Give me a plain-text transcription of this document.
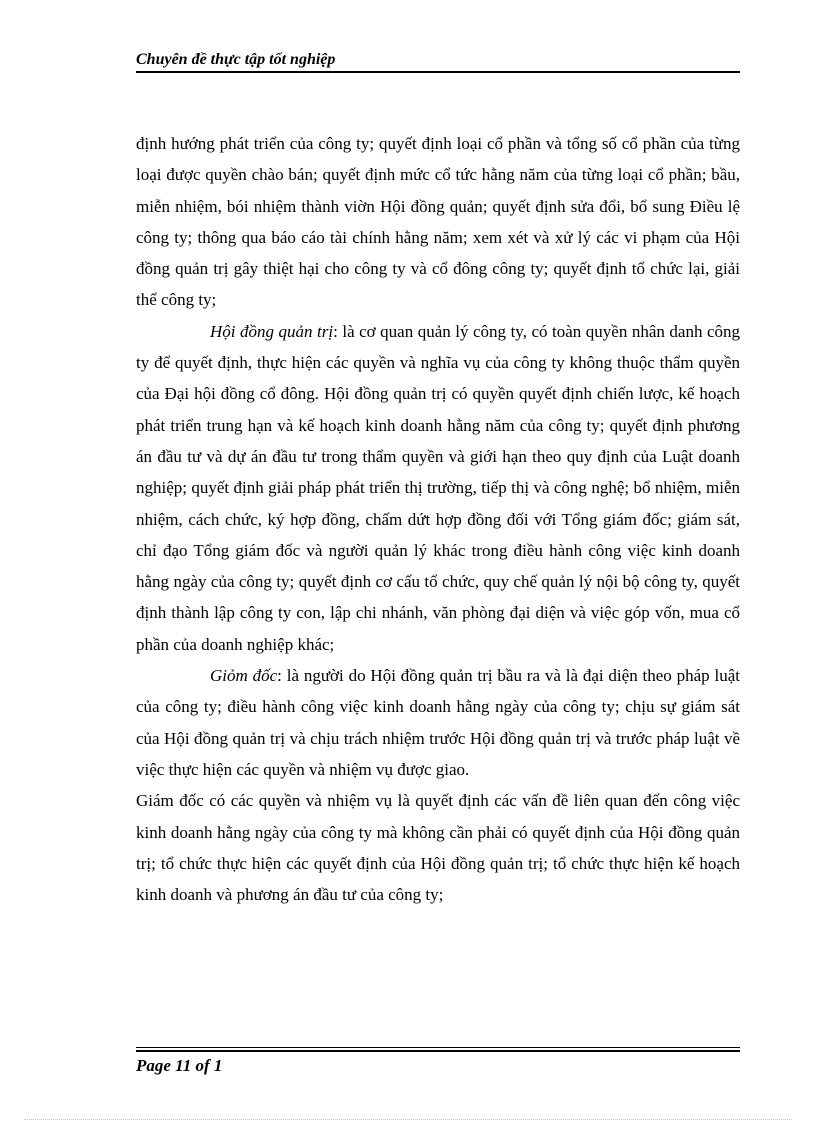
Chuyên đề thực tập tốt nghiệp

định hướng phát triển của công ty; quyết định loại cổ phần và tổng số cổ phần của từng loại được quyền chào bán; quyết định mức cổ tức hằng năm của từng loại cổ phần; bầu, miễn nhiệm, bói nhiệm thành viờn Hội đồng quản; quyết định sửa đổi, bổ sung Điều lệ công ty; thông qua báo cáo tài chính hằng năm; xem xét và xử lý các vi phạm của Hội đồng quản trị gây thiệt hại cho công ty và cổ đông công ty; quyết định tổ chức lại, giải thể công ty;

Hội đồng quản trị: là cơ quan quản lý công ty, có toàn quyền nhân danh công ty để quyết định, thực hiện các quyền và nghĩa vụ của công ty không thuộc thẩm quyền của Đại hội đồng cổ đông. Hội đồng quản trị có quyền quyết định chiến lược, kế hoạch phát triển trung hạn và kế hoạch kinh doanh hằng năm của công ty; quyết định phương án đầu tư và dự án đầu tư trong thẩm quyền và giới hạn theo quy định của Luật doanh nghiệp; quyết định giải pháp phát triển thị trường, tiếp thị và công nghệ; bổ nhiệm, miễn nhiệm, cách chức, ký hợp đồng, chấm dứt hợp đồng đối với Tổng giám đốc; giám sát, chỉ đạo Tổng giám đốc và người quản lý khác trong điều hành công việc kinh doanh hằng ngày của công ty; quyết định cơ cấu tổ chức, quy chế quản lý nội bộ công ty, quyết định thành lập công ty con, lập chi nhánh, văn phòng đại diện và việc góp vốn, mua cổ phần của doanh nghiệp khác;

Giỏm đốc: là người do Hội đồng quản trị bầu ra và là đại diện theo pháp luật của công ty; điều hành công việc kinh doanh hằng ngày của công ty; chịu sự giám sát của Hội đồng quản trị và chịu trách nhiệm trước Hội đồng quản trị và trước pháp luật về việc thực hiện các quyền và nhiệm vụ được giao.

Giám đốc có các quyền và nhiệm vụ là quyết định các vấn đề liên quan đến công việc kinh doanh hằng ngày của công ty mà không cần phải có quyết định của Hội đồng quản trị; tổ chức thực hiện các quyết định của Hội đồng quản trị; tổ chức thực hiện kế hoạch kinh doanh và phương án đầu tư của công ty;

Page 11 of 1
